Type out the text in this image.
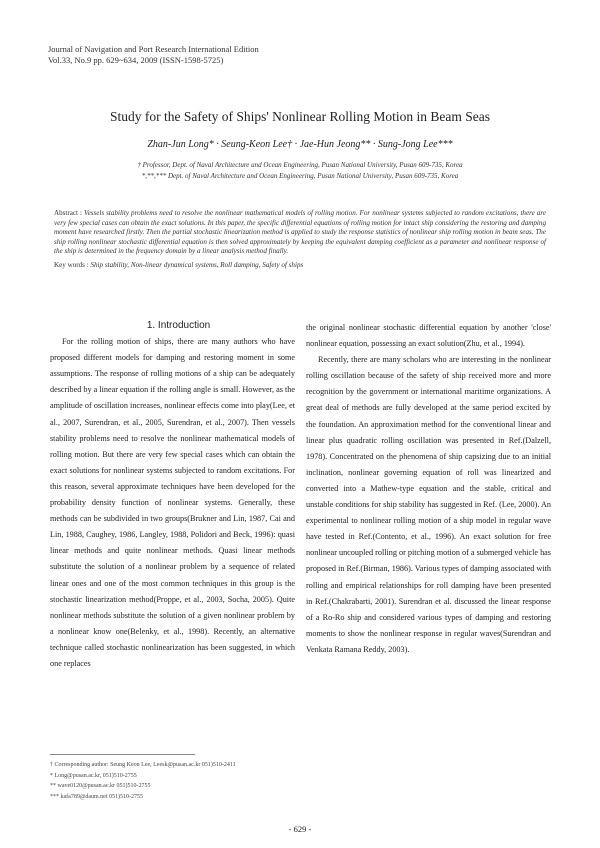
Journal of Navigation and Port Research International Edition
Vol.33, No.9 pp. 629~634, 2009 (ISSN-1598-5725)
Study for the Safety of Ships' Nonlinear Rolling Motion in Beam Seas
Zhan-Jun Long* · Seung-Keon Lee† · Jae-Hun Jeong** · Sung-Jong Lee***
† Professor, Dept. of Naval Architecture and Ocean Engineering, Pusan National University, Pusan 609-735, Korea
*,**,*** Dept. of Naval Architecture and Ocean Engineering, Pusan National University, Pusan 609-735, Korea
Abstract : Vessels stability problems need to resolve the nonlinear mathematical models of rolling motion. For nonlinear systems subjected to random excitations, there are very few special cases can obtain the exact solutions. In this paper, the specific differential equations of rolling motion for intact ship considering the restoring and damping moment have researched firstly. Then the partial stochastic linearization method is applied to study the response statistics of nonlinear ship rolling motion in beam seas. The ship rolling nonlinear stochastic differential equation is then solved approximately by keeping the equivalent damping coefficient as a parameter and nonlinear response of the ship is determined in the frequency domain by a linear analysis method finally.
Key words : Ship stability, Non-linear dynamical systems, Roll damping, Safety of ships

1. Introduction

For the rolling motion of ships, there are many authors who have proposed different models for damping and restoring moment in some assumptions. The response of rolling motions of a ship can be adequately described by a linear equation if the rolling angle is small. However, as the amplitude of oscillation increases, nonlinear effects come into play(Lee, et al., 2007, Surendran, et al., 2005, Surendran, et al., 2007). Then vessels stability problems need to resolve the nonlinear mathematical models of rolling motion. But there are very few special cases which can obtain the exact solutions for nonlinear systems subjected to random excitations. For this reason, several approximate techniques have been developed for the probability density function of nonlinear systems. Generally, these methods can be subdivided in two groups(Brukner and Lin, 1987, Cai and Lin, 1988, Caughey, 1986, Langley, 1988, Polidori and Beck, 1996): quasi linear methods and quite nonlinear methods. Quasi linear methods substitute the solution of a nonlinear problem by a sequence of related linear ones and one of the most common techniques in this group is the stochastic linearization method(Proppe, et al., 2003, Socha, 2005). Quite nonlinear methods substitute the solution of a given nonlinear problem by a nonlinear know one(Belenky, et al., 1998). Recently, an alternative technique called stochastic nonlinearization has been suggested, in which one replaces

the original nonlinear stochastic differential equation by another 'close' nonlinear equation, possessing an exact solution(Zhu, et al., 1994).

Recently, there are many scholars who are interesting in the nonlinear rolling oscillation because of the safety of ship received more and more recognition by the government or international maritime organizations. A great deal of methods are fully developed at the same period excited by the foundation. An approximation method for the conventional linear and linear plus quadratic rolling oscillation was presented in Ref.(Dalzell, 1978). Concentrated on the phenomena of ship capsizing due to an initial inclination, nonlinear governing equation of roll was linearized and converted into a Mathew-type equation and the stable, critical and unstable conditions for ship stability has suggested in Ref. (Lee, 2000). An experimental to nonlinear rolling motion of a ship model in regular wave have tested in Ref.(Contento, et al., 1996). An exact solution for free nonlinear uncoupled rolling or pitching motion of a submerged vehicle has proposed in Ref.(Birman, 1986). Various types of damping associated with rolling and empirical relationships for roll damping have been presented in Ref.(Chakrabarti, 2001). Surendran et al. discussed the linear response of a Ro-Ro ship and considered various types of damping and restoring moments to show the nonlinear response in regular waves(Surendran and Venkata Ramana Reddy, 2003).

† Corresponding author: Seung Keon Lee, Leesk@pusan.ac.kr 051)510-2411
* Long@pusan.ac.kr, 051)510-2755
** wave0120@pusan.ac.kr 051)510-2755
*** kafa789@daum.net 051)510-2755
- 629 -
